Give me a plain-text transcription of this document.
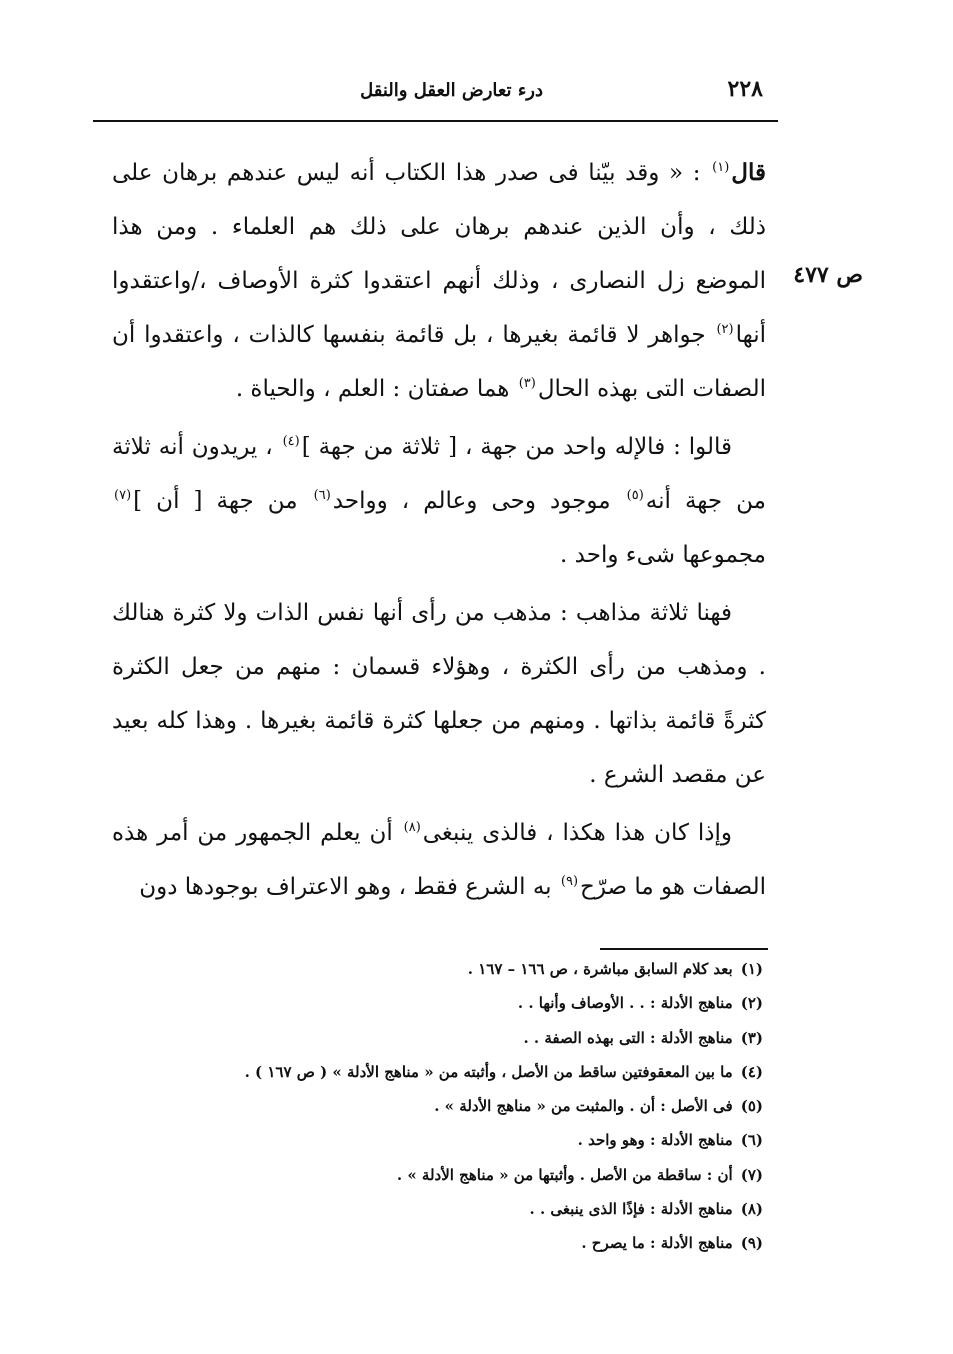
٢٢٨
درء تعارض العقل والنقل
ص ٤٧٧

قال$^{(١)}$ : « وقد بيّنا فى صدر هذا الكتاب أنه ليس عندهم برهان على ذلك ، وأن الذين عندهم برهان على ذلك هم العلماء . ومن هذا الموضع زل النصارى ، وذلك أنهم اعتقدوا كثرة الأوصاف ،/واعتقدوا أنها$^{(٢)}$ جواهر لا قائمة بغيرها ، بل قائمة بنفسها كالذات ، واعتقدوا أن الصفات التى بهذه الحال$^{(٣)}$ هما صفتان : العلم ، والحياة .

قالوا : فالإله واحد من جهة ، [ ثلاثة من جهة ]$^{(٤)}$ ، يريدون أنه ثلاثة من جهة أنه$^{(٥)}$ موجود وحى وعالم ، وواحد$^{(٦)}$ من جهة [ أن ]$^{(٧)}$ مجموعها شىء واحد .

فهنا ثلاثة مذاهب : مذهب من رأى أنها نفس الذات ولا كثرة هنالك . ومذهب من رأى الكثرة ، وهؤلاء قسمان : منهم من جعل الكثرة كثرةً قائمة بذاتها . ومنهم من جعلها كثرة قائمة بغيرها . وهذا كله بعيد عن مقصد الشرع .

وإذا كان هذا هكذا ، فالذى ينبغى$^{(٨)}$ أن يعلم الجمهور من أمر هذه الصفات هو ما صرّح$^{(٩)}$ به الشرع فقط ، وهو الاعتراف بوجودها دون

(١)بعد كلام السابق مباشرة ، ص ١٦٦ – ١٦٧ .
(٢)مناهج الأدلة : . . الأوصاف وأنها . .
(٣)مناهج الأدلة : التى بهذه الصفة . .
(٤)ما بين المعقوفتين ساقط من الأصل ، وأثبته من « مناهج الأدلة » ( ص ١٦٧ ) .
(٥)فى الأصل : أن . والمثبت من « مناهج الأدلة » .
(٦)مناهج الأدلة : وهو واحد .
(٧)أن : ساقطة من الأصل . وأثبتها من « مناهج الأدلة » .
(٨)مناهج الأدلة : فإذًا الذى ينبغى . .
(٩)مناهج الأدلة : ما يصرح .
